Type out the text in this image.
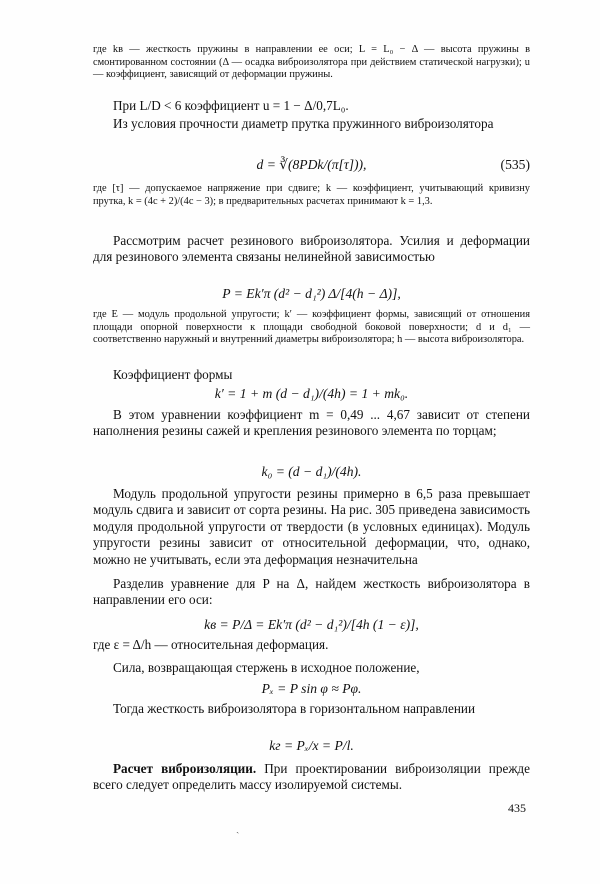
где kв — жесткость пружины в направлении ее оси; L = L₀ − Δ — высота пружины в смонтированном состоянии (Δ — осадка виброизолятора при действием статической нагрузки); u — коэффициент, зависящий от деформации пружины.

При L/D < 6 коэффициент u = 1 − Δ/0,7L₀.

Из условия прочности диаметр прутка пружинного виброизолятора

d = ∛(8PDk/(π[τ])),	(535)

где [τ] — допускаемое напряжение при сдвиге; k — коэффициент, учитывающий кривизну прутка, k = (4c + 2)/(4c − 3); в предварительных расчетах принимают k = 1,3.

Рассмотрим расчет резинового виброизолятора. Усилия и деформации для резинового элемента связаны нелинейной зависимостью

P = Ek′π (d² − d₁²) Δ/[4(h − Δ)],

где E — модуль продольной упругости; k′ — коэффициент формы, зависящий от отношения площади опорной поверхности к площади свободной боковой поверхности; d и d₁ — соответственно наружный и внутренний диаметры виброизолятора; h — высота виброизолятора.

Коэффициент формы

k′ = 1 + m (d − d₁)/(4h) = 1 + mk₀.

В этом уравнении коэффициент m = 0,49 ... 4,67 зависит от степени наполнения резины сажей и крепления резинового элемента по торцам;

k₀ = (d − d₁)/(4h).

Модуль продольной упругости резины примерно в 6,5 раза превышает модуль сдвига и зависит от сорта резины. На рис. 305 приведена зависимость модуля продольной упругости от твердости (в условных единицах). Модуль упругости резины зависит от относительной деформации, что, однако, можно не учитывать, если эта деформация незначительна

Разделив уравнение для P на Δ, найдем жесткость виброизолятора в направлении его оси:

kв = P/Δ = Ek′π (d² − d₁²)/[4h (1 − ε)],

где ε = Δ/h — относительная деформация.

Сила, возвращающая стержень в исходное положение,

Pₓ = P sin φ ≈ Pφ.

Тогда жесткость виброизолятора в горизонтальном направлении

kг = Pₓ/x = P/l.

Расчет виброизоляции. При проектировании виброизоляции прежде всего следует определить массу изолируемой системы.

435
ˏ
